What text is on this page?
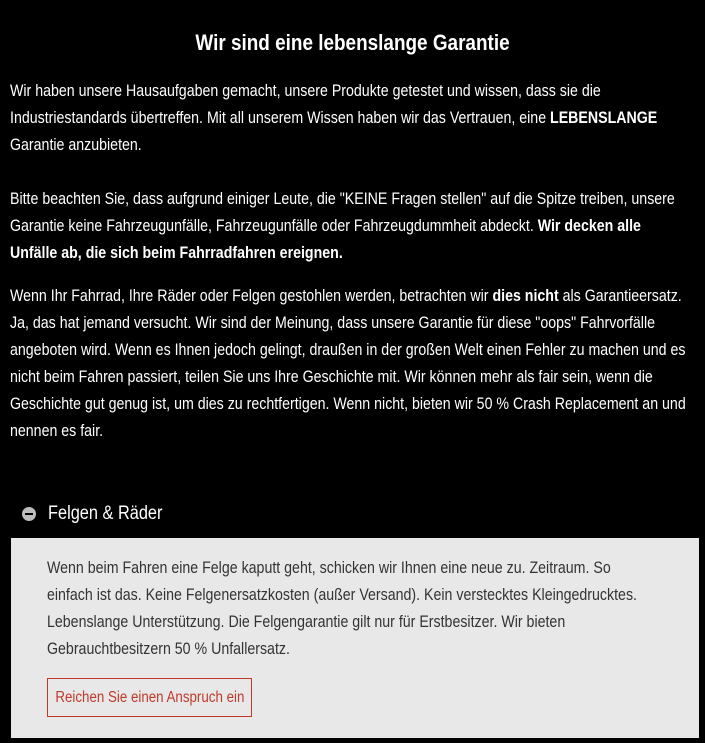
Wir sind eine lebenslange Garantie
Wir haben unsere Hausaufgaben gemacht, unsere Produkte getestet und wissen, dass sie die Industriestandards übertreffen. Mit all unserem Wissen haben wir das Vertrauen, eine LEBENSLANGE Garantie anzubieten.
Bitte beachten Sie, dass aufgrund einiger Leute, die "KEINE Fragen stellen" auf die Spitze treiben, unsere Garantie keine Fahrzeugunfälle, Fahrzeugunfälle oder Fahrzeugdummheit abdeckt. Wir decken alle Unfälle ab, die sich beim Fahrradfahren ereignen.
Wenn Ihr Fahrrad, Ihre Räder oder Felgen gestohlen werden, betrachten wir dies nicht als Garantieersatz. Ja, das hat jemand versucht. Wir sind der Meinung, dass unsere Garantie für diese "oops" Fahrvorfälle angeboten wird. Wenn es Ihnen jedoch gelingt, draußen in der großen Welt einen Fehler zu machen und es nicht beim Fahren passiert, teilen Sie uns Ihre Geschichte mit. Wir können mehr als fair sein, wenn die Geschichte gut genug ist, um dies zu rechtfertigen. Wenn nicht, bieten wir 50 % Crash Replacement an und nennen es fair.
Felgen & Räder
Wenn beim Fahren eine Felge kaputt geht, schicken wir Ihnen eine neue zu. Zeitraum. So einfach ist das. Keine Felgenersatzkosten (außer Versand). Kein verstecktes Kleingedrucktes. Lebenslange Unterstützung. Die Felgengarantie gilt nur für Erstbesitzer. Wir bieten Gebrauchtbesitzern 50 % Unfallersatz.
Reichen Sie einen Anspruch ein
